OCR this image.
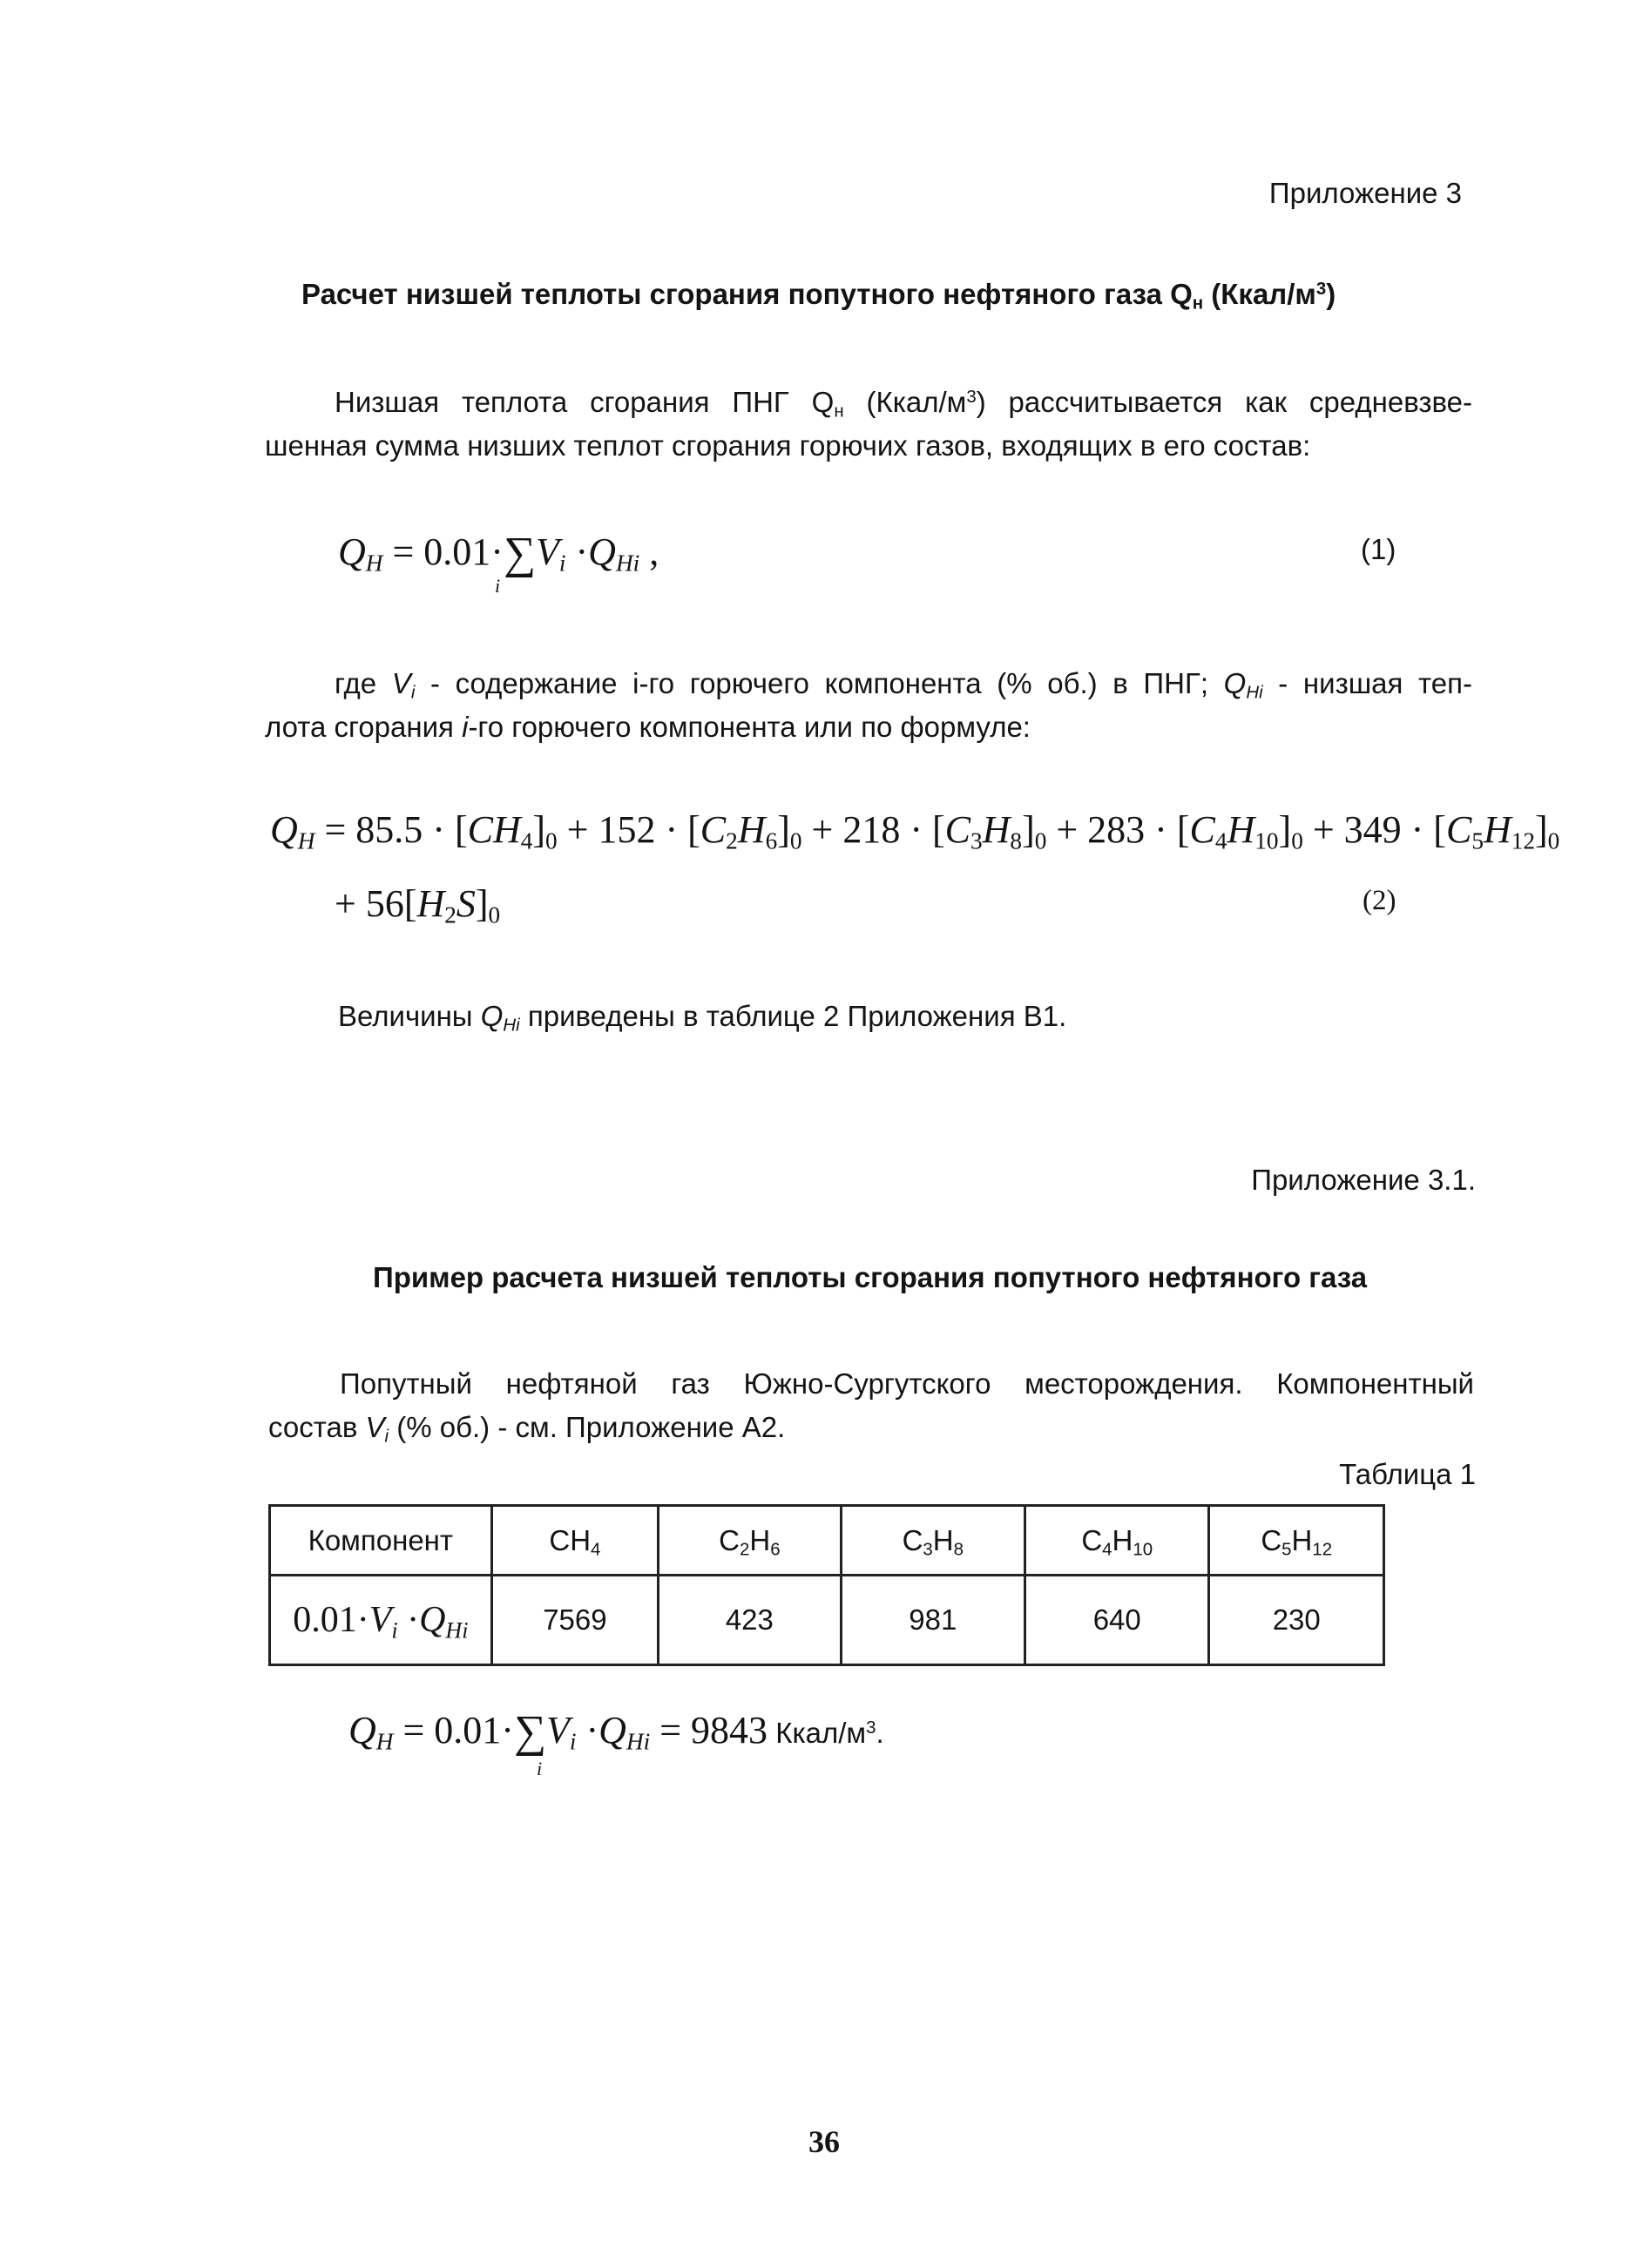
Приложение 3
Расчет низшей теплоты сгорания попутного нефтяного газа $Q_н$ $(Ккал/м^3)$
Низшая теплота сгорания ПНГ $Q_н$ $(Ккал/м^3)$ рассчитывается как средневзве-
шенная сумма низших теплот сгорания горючих газов, входящих в его состав:
$Q_H = 0.01\cdot\sum V_i \cdot Q_{Hi}$ ,
i
(1)
где $V_i$ - содержание i-го горючего компонента (% об.) в ПНГ; $Q_{Hi}$ - низшая теп-
лота сгорания i-го горючего компонента или по формуле:
$Q_H = 85.5 \cdot [CH_4]_0 + 152 \cdot [C_2H_6]_0 + 218 \cdot [C_3H_8]_0 + 283 \cdot [C_4H_{10}]_0 + 349 \cdot [C_5H_{12}]_0$
+ $56[H_2S]_0$	(2)
Величины $Q_{Hi}$ приведены в таблице 2 Приложения В1.
Приложение 3.1.
Пример расчета низшей теплоты сгорания попутного нефтяного газа
Попутный нефтяной газ Южно-Сургутского месторождения. Компонентный
состав $V_i$ (% об.) - см. Приложение А2.
Таблица 1
Компонент	$CH_4$	$C_2H_6$	$C_3H_8$	$C_4H_{10}$	$C_5H_{12}$
$0.01\cdot V_i \cdot Q_{Hi}$	7569	423	981	640	230
$Q_H = 0.01\cdot\sum V_i \cdot Q_{Hi} = 9843$ Ккал/$м^3$.
i
36
